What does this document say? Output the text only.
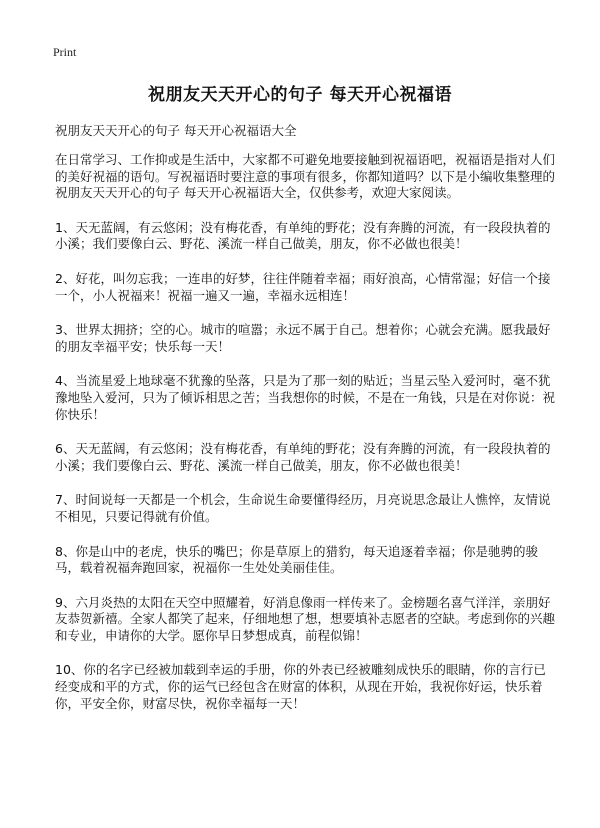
Print
祝朋友天天开心的句子 每天开心祝福语

祝朋友天天开心的句子 每天开心祝福语大全

在日常学习、工作抑或是生活中，大家都不可避免地要接触到祝福语吧，祝福语是指对人们的美好祝福的语句。写祝福语时要注意的事项有很多，你都知道吗？以下是小编收集整理的祝朋友天天开心的句子 每天开心祝福语大全，仅供参考，欢迎大家阅读。

1、天无蓝阔，有云悠闲；没有梅花香，有单纯的野花；没有奔腾的河流，有一段段执着的小溪；我们要像白云、野花、溪流一样自己做美，朋友，你不必做也很美！

2、好花，叫勿忘我；一连串的好梦，往往伴随着幸福；雨好浪高，心情常湿；好信一个接一个，小人祝福来！祝福一遍又一遍，幸福永远相连！

3、世界太拥挤；空的心。城市的喧嚣；永远不属于自己。想着你；心就会充满。愿我最好的朋友幸福平安；快乐每一天！

4、当流星爱上地球毫不犹豫的坠落，只是为了那一刻的贴近；当星云坠入爱河时，毫不犹豫地坠入爱河，只为了倾诉相思之苦；当我想你的时候，不是在一角钱，只是在对你说：祝你快乐！

6、天无蓝阔，有云悠闲；没有梅花香，有单纯的野花；没有奔腾的河流，有一段段执着的小溪；我们要像白云、野花、溪流一样自己做美，朋友，你不必做也很美！

7、时间说每一天都是一个机会，生命说生命要懂得经历，月亮说思念最让人憔悴，友情说不相见，只要记得就有价值。

8、你是山中的老虎，快乐的嘴巴；你是草原上的猎豹，每天追逐着幸福；你是驰骋的骏马，载着祝福奔跑回家，祝福你一生处处美丽佳佳。

9、六月炎热的太阳在天空中照耀着，好消息像雨一样传来了。金榜题名喜气洋洋，亲朋好友恭贺新禧。全家人都笑了起来，仔细地想了想，想要填补志愿者的空缺。考虑到你的兴趣和专业，申请你的大学。愿你早日梦想成真，前程似锦！

10、你的名字已经被加载到幸运的手册，你的外表已经被雕刻成快乐的眼睛，你的言行已经变成和平的方式，你的运气已经包含在财富的体积，从现在开始，我祝你好运，快乐着你，平安全你，财富尽快，祝你幸福每一天！
